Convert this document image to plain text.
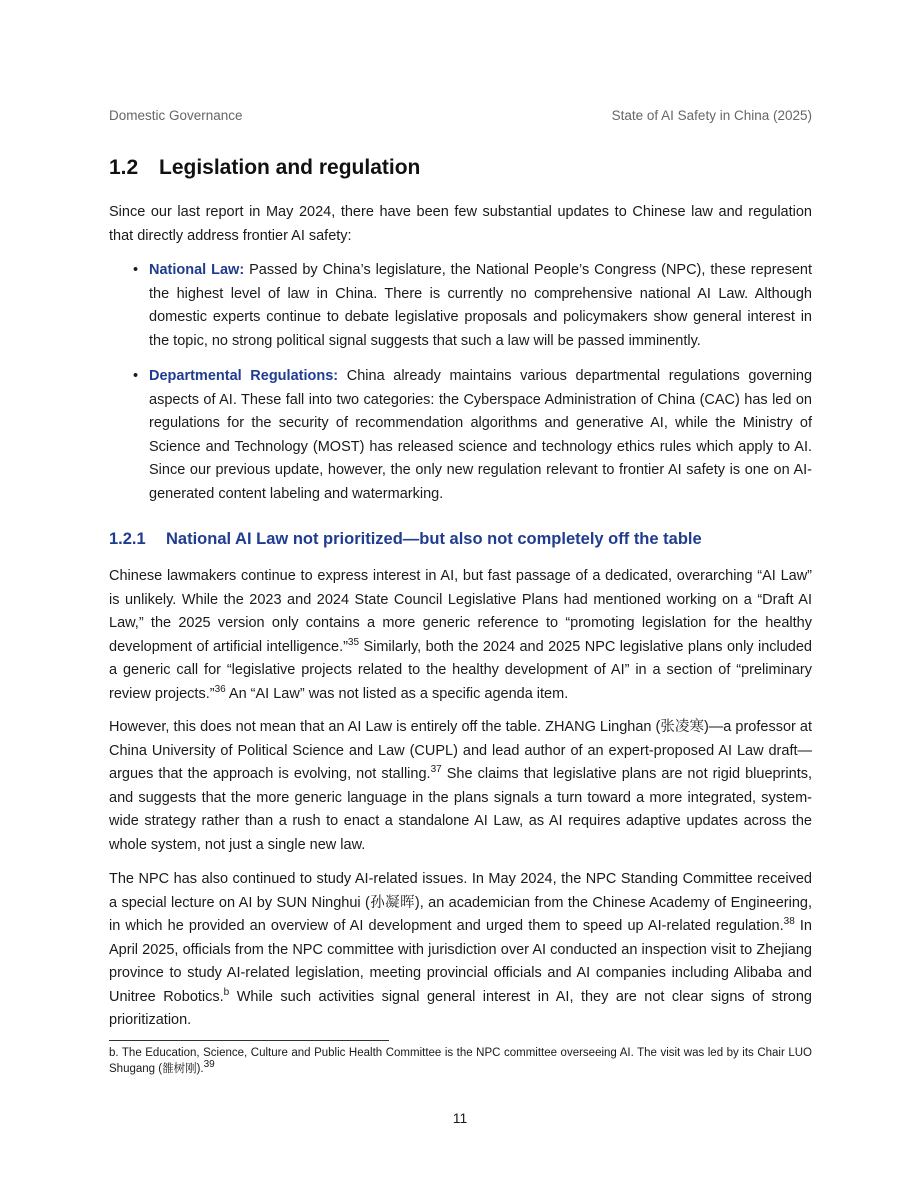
Domestic Governance	State of AI Safety in China (2025)
1.2 Legislation and regulation

Since our last report in May 2024, there have been few substantial updates to Chinese law and regulation that directly address frontier AI safety:

• National Law: Passed by China’s legislature, the National People’s Congress (NPC), these represent the highest level of law in China. There is currently no comprehensive national AI Law. Although domestic experts continue to debate legislative proposals and policymakers show general interest in the topic, no strong political signal suggests that such a law will be passed imminently.
• Departmental Regulations: China already maintains various departmental regulations governing aspects of AI. These fall into two categories: the Cyberspace Administration of China (CAC) has led on regulations for the security of recommendation algorithms and generative AI, while the Ministry of Science and Technology (MOST) has released science and technology ethics rules which apply to AI. Since our previous update, however, the only new regulation relevant to frontier AI safety is one on AI-generated content labeling and watermarking.
1.2.1 National AI Law not prioritized—but also not completely off the table

Chinese lawmakers continue to express interest in AI, but fast passage of a dedicated, overarching “AI Law” is unlikely. While the 2023 and 2024 State Council Legislative Plans had mentioned working on a “Draft AI Law,” the 2025 version only contains a more generic reference to “promoting legislation for the healthy development of artificial intelligence.”$^{35}$ Similarly, both the 2024 and 2025 NPC legislative plans only included a generic call for “legislative projects related to the healthy development of AI” in a section of “preliminary review projects.”$^{36}$ An “AI Law” was not listed as a specific agenda item.

However, this does not mean that an AI Law is entirely off the table. ZHANG Linghan (张凌寒)—a professor at China University of Political Science and Law (CUPL) and lead author of an expert-proposed AI Law draft—argues that the approach is evolving, not stalling.$^{37}$ She claims that legislative plans are not rigid blueprints, and suggests that the more generic language in the plans signals a turn toward a more integrated, system-wide strategy rather than a rush to enact a standalone AI Law, as AI requires adaptive updates across the whole system, not just a single new law.

The NPC has also continued to study AI-related issues. In May 2024, the NPC Standing Committee received a special lecture on AI by SUN Ninghui (孙凝晖), an academician from the Chinese Academy of Engineering, in which he provided an overview of AI development and urged them to speed up AI-related regulation.$^{38}$ In April 2025, officials from the NPC committee with jurisdiction over AI conducted an inspection visit to Zhejiang province to study AI-related legislation, meeting provincial officials and AI companies including Alibaba and Unitree Robotics.$^b$ While such activities signal general interest in AI, they are not clear signs of strong prioritization.

b. The Education, Science, Culture and Public Health Committee is the NPC committee overseeing AI. The visit was led by its Chair LUO Shugang (雒树刚).$^{39}$

11
